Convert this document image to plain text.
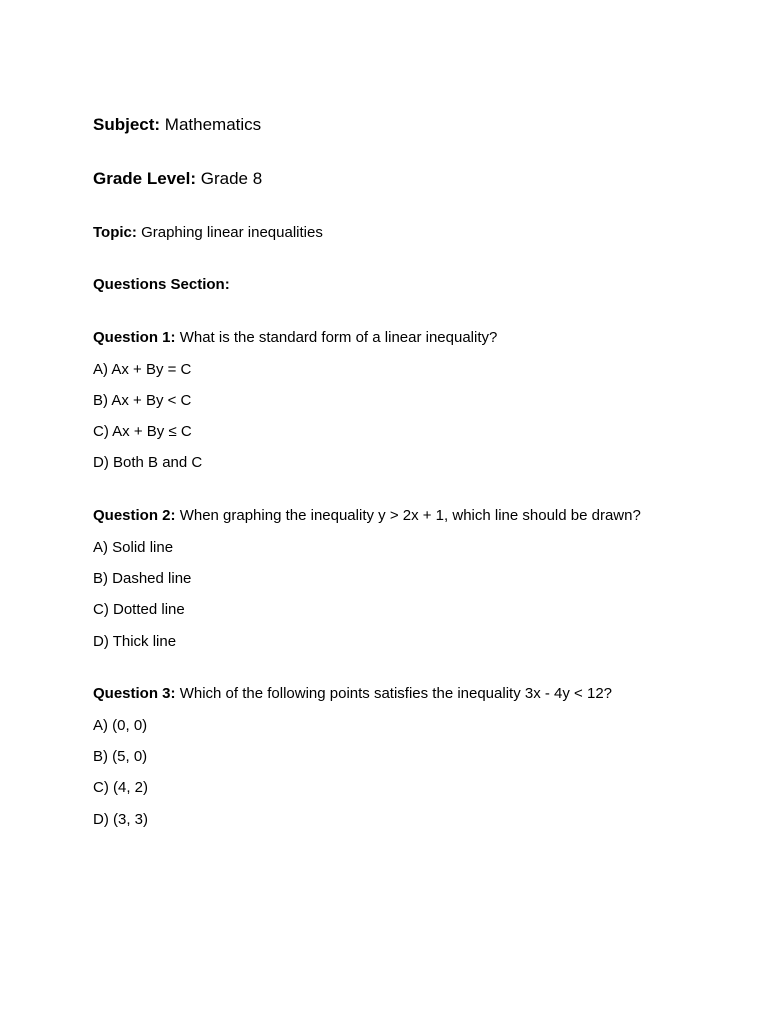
Subject: Mathematics
Grade Level: Grade 8
Topic: Graphing linear inequalities
Questions Section:
Question 1: What is the standard form of a linear inequality?
A) Ax + By = C
B) Ax + By < C
C) Ax + By ≤ C
D) Both B and C
Question 2: When graphing the inequality y > 2x + 1, which line should be drawn?
A) Solid line
B) Dashed line
C) Dotted line
D) Thick line
Question 3: Which of the following points satisfies the inequality 3x - 4y < 12?
A) (0, 0)
B) (5, 0)
C) (4, 2)
D) (3, 3)
